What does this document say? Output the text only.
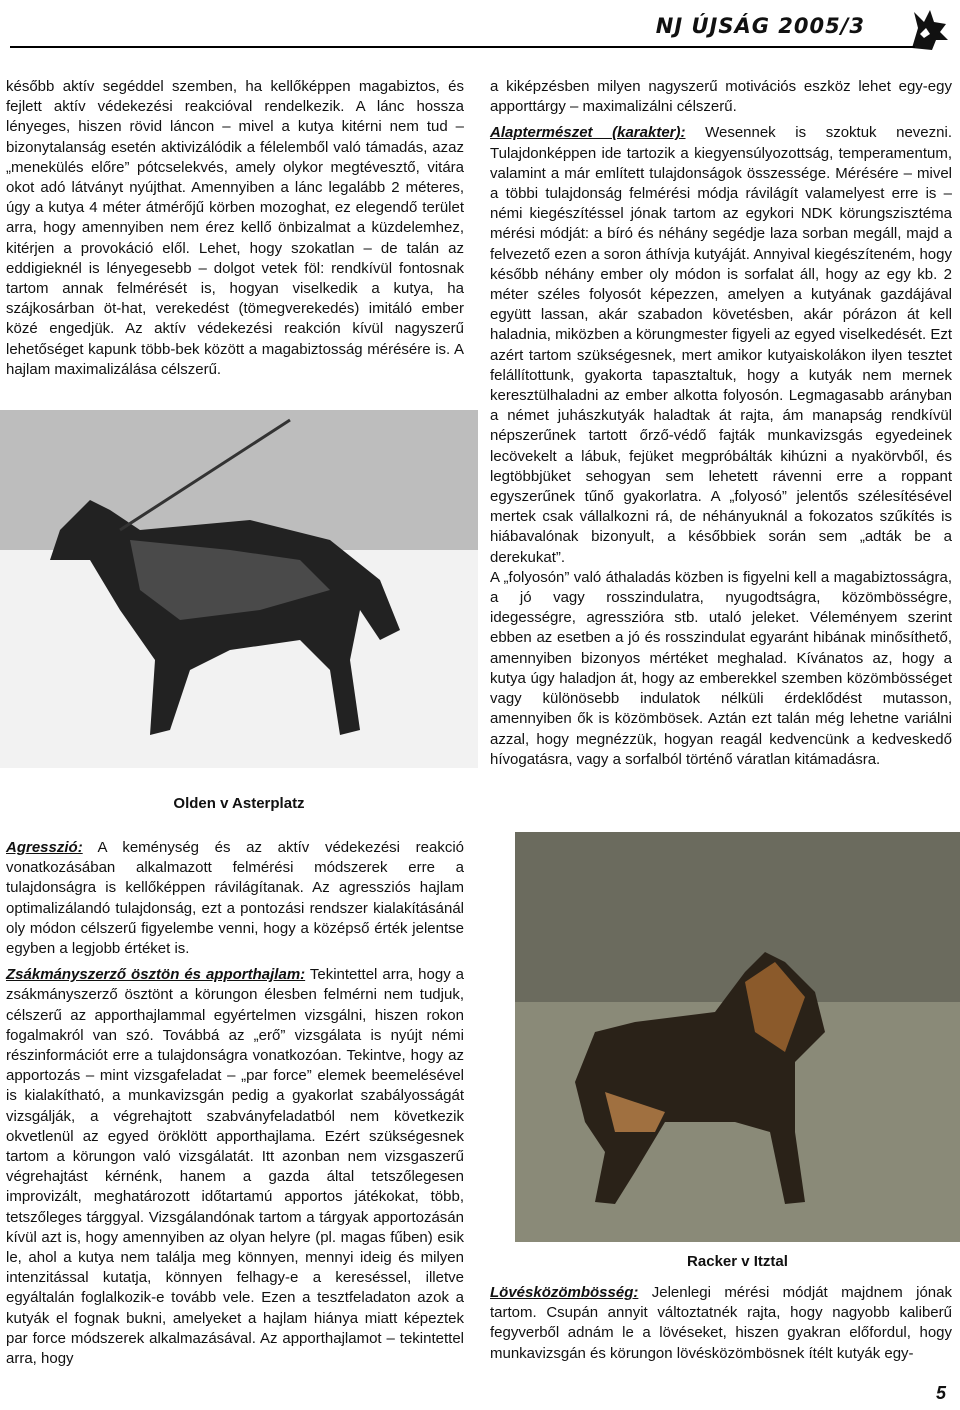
NJ ÚJSÁG 2005/3

később aktív segéddel szemben, ha kellőképpen magabiztos, és fejlett aktív védekezési reakcióval rendelkezik. A lánc hossza lényeges, hiszen rövid láncon – mivel a kutya kitérni nem tud – bizonytalanság esetén aktivizálódik a félelemből való támadás, azaz „menekülés előre” pótcselekvés, amely olykor megtévesztő, vitára okot adó látványt nyújthat. Amennyiben a lánc legalább 2 méteres, úgy a kutya 4 méter átmérőjű körben mozoghat, ez elegendő terület arra, hogy amennyiben nem érez kellő önbizalmat a küzdelemhez, kitérjen a provokáció elől. Lehet, hogy szokatlan – de talán az eddigieknél is lényegesebb – dolgot vetek föl: rendkívül fontosnak tartom annak felmérését is, hogyan viselkedik a kutya, ha szájkosárban öt-hat, verekedést (tömegverekedés) imitáló ember közé engedjük. Az aktív védekezési reakción kívül nagyszerű lehetőséget kapunk több-bek között a magabiztosság mérésére is. A hajlam maximalizálása célszerű.

Olden v Asterplatz

Agresszió: A keménység és az aktív védekezési reakció vonatkozásában alkalmazott felmérési módszerek erre a tulajdonságra is kellőképpen rávilágítanak. Az agressziós hajlam optimalizálandó tulajdonság, ezt a pontozási rendszer kialakításánál oly módon célszerű figyelembe venni, hogy a középső érték jelentse egyben a legjobb értéket is.

Zsákmányszerző ösztön és apporthajlam: Tekintettel arra, hogy a zsákmányszerző ösztönt a körungon élesben felmérni nem tudjuk, célszerű az apporthajlammal egyértelmen vizsgálni, hiszen rokon fogalmakról van szó. Továbbá az „erő” vizsgálata is nyújt némi részinformációt erre a tulajdonságra vonatkozóan. Tekintve, hogy az apportozás – mint vizsgafeladat – „par force” elemek beemelésével is kialakítható, a munkavizsgán pedig a gyakorlat szabályosságát vizsgálják, a végrehajtott szabványfeladatból nem következik okvetlenül az egyed öröklött apporthajlama. Ezért szükségesnek tartom a körungon való vizsgálatát. Itt azonban nem vizsgaszerű végrehajtást kérnénk, hanem a gazda által tetszőlegesen improvizált, meghatározott időtartamú apportos játékokat, több, tetszőleges tárggyal. Vizsgálandónak tartom a tárgyak apportozásán kívül azt is, hogy amennyiben az olyan helyre (pl. magas fűben) esik le, ahol a kutya nem találja meg könnyen, mennyi ideig és milyen intenzitással kutatja, könnyen felhagy-e a kereséssel, illetve egyáltalán foglalkozik-e tovább vele. Ezen a tesztfeladaton azok a kutyák el fognak bukni, amelyeket a hajlam hiánya miatt képeztek par force módszerek alkalmazásával. Az apporthajlamot – tekintettel arra, hogy

a kiképzésben milyen nagyszerű motivációs eszköz lehet egy-egy apporttárgy – maximalizálni célszerű.

Alaptermészet (karakter): Wesennek is szoktuk nevezni. Tulajdonképpen ide tartozik a kiegyensúlyozottság, temperamentum, valamint a már említett tulajdonságok összessége. Mérésére – mivel a többi tulajdonság felmérési módja rávilágít valamelyest erre is – némi kiegészítéssel jónak tartom az egykori NDK körungszisztéma mérési módját: a bíró és néhány segédje laza sorban megáll, majd a felvezető ezen a soron áthívja kutyáját. Annyival kiegészíteném, hogy később néhány ember oly módon is sorfalat áll, hogy az egy kb. 2 méter széles folyosót képezzen, amelyen a kutyának gazdájával együtt lassan, akár szabadon követésben, akár pórázon át kell haladnia, miközben a körungmester figyeli az egyed viselkedését. Ezt azért tartom szükségesnek, mert amikor kutyaiskolákon ilyen tesztet felállítottunk, gyakorta tapasztaltuk, hogy a kutyák nem mernek keresztülhaladni az ember alkotta folyosón. Legmagasabb arányban a német juhászkutyák haladtak át rajta, ám manapság rendkívül népszerűnek tartott őrző-védő fajták munkavizsgás egyedeinek lecövekelt a lábuk, fejüket megpróbálták kihúzni a nyakörvből, és legtöbbjüket sehogyan sem lehetett rávenni erre a roppant egyszerűnek tűnő gyakorlatra. A „folyosó” jelentős szélesítésével mertek csak vállalkozni rá, de néhányuknál a fokozatos szűkítés is hiábavalónak bizonyult, a későbbiek során sem „adták be a derekukat”.

A „folyosón” való áthaladás közben is figyelni kell a magabiztosságra, a jó vagy rosszindulatra, nyugodtságra, közömbösségre, idegességre, agresszióra stb. utaló jeleket. Véleményem szerint ebben az esetben a jó és rosszindulat egyaránt hibának minősíthető, amennyiben bizonyos mértéket meghalad. Kívánatos az, hogy a kutya úgy haladjon át, hogy az emberekkel szemben közömbösséget vagy különösebb indulatok nélküli érdeklődést mutasson, amennyiben ők is közömbösek. Aztán ezt talán még lehetne variálni azzal, hogy megnézzük, hogyan reagál kedvencünk a kedveskedő hívogatásra, vagy a sorfalból történő váratlan kitámadásra.

Racker v Itztal

Lövésközömbösség: Jelenlegi mérési módját majdnem jónak tartom. Csupán annyit változtatnék rajta, hogy nagyobb kaliberű fegyverből adnám le a lövéseket, hiszen gyakran előfordul, hogy munkavizsgán és körungon lövésközömbösnek ítélt kutyák egy-

5
